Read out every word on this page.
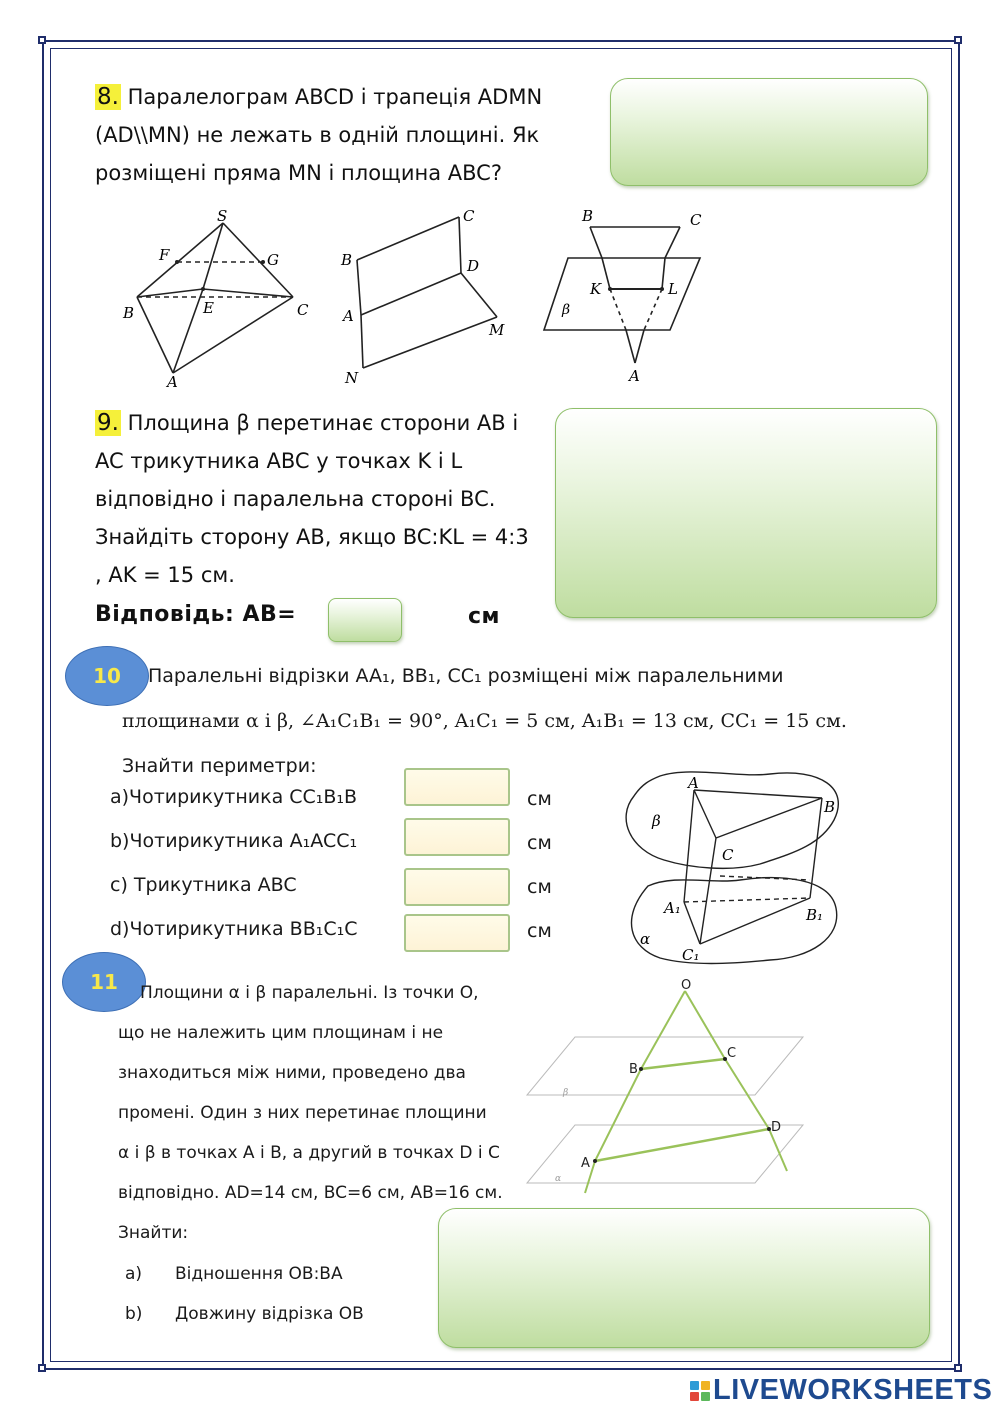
8. Паралелограм ABCD і трапеція ADMN
(AD\\MN) не лежать в одній площині. Як
розміщені пряма MN і площина ABC?
S
F	G
B	E	C
A
C
B	D
A
M
N
B	C
K	L
β
A
9. Площина β перетинає сторони AB і
AC трикутника ABC у точках K і L
відповідно і паралельна стороні BC.
Знайдіть сторону AB, якщо BC:KL = 4:3
, AK = 15 см.
Відповідь: AB=	см
10	Паралельні відрізки AA₁, BB₁, CC₁ розміщені між паралельними
площинами α і β, ∠A₁C₁B₁ = 90°, A₁C₁ = 5 см, A₁B₁ = 13 см, CC₁ = 15 см.
Знайти периметри:
a)Чотирикутника CC₁B₁B	см
b)Чотирикутника A₁ACC₁	см
c) Трикутника ABC	см
d)Чотирикутника BB₁C₁C	см
A
B
β
C
A₁	B₁
α
C₁
11	Площини α і β паралельні. Із точки O,
що не належить цим площинам і не
знаходиться між ними, проведено два
промені. Один з них перетинає площини
α і β в точках A і B, а другий в точках D і C
відповідно. AD=14 см, BC=6 см, AB=16 см.
Знайти:
a) Відношення OB:BA
b) Довжину відрізка OB
O
B
C
β
D
A
α
LIVEWORKSHEETS
